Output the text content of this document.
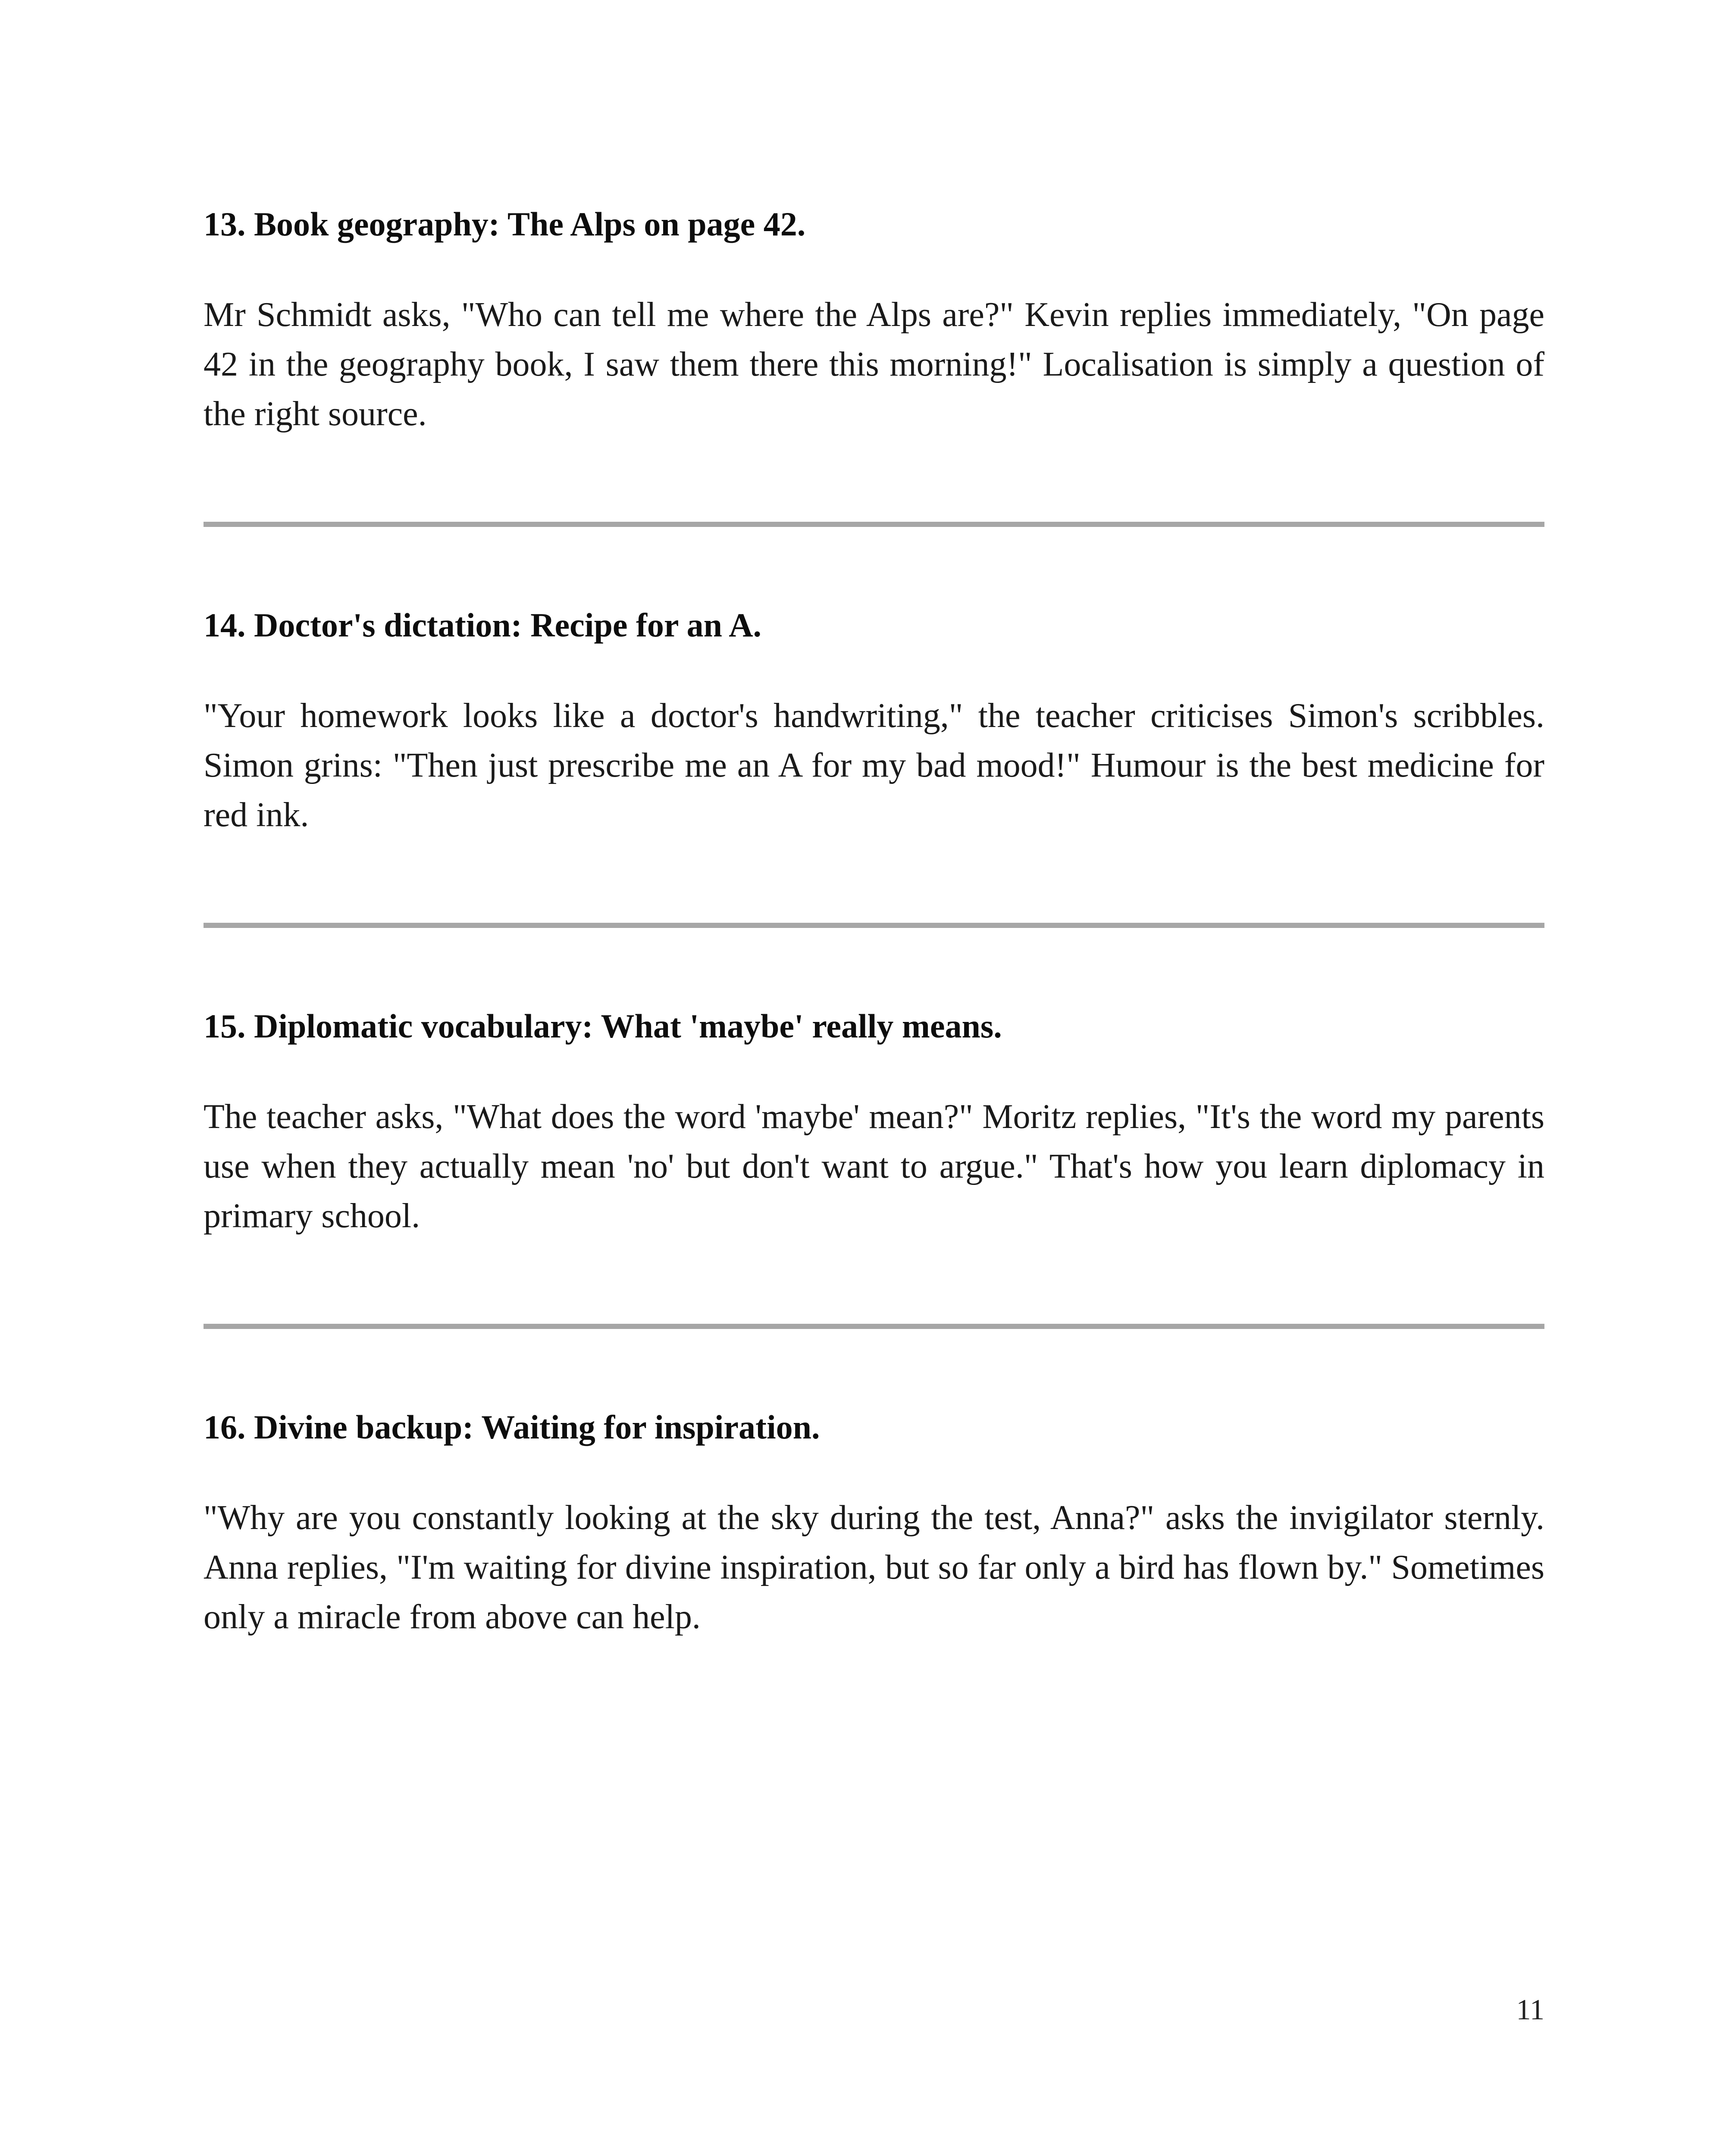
13. Book geography: The Alps on page 42.

Mr Schmidt asks, "Who can tell me where the Alps are?" Kevin replies immediately, "On page 42 in the geography book, I saw them there this morning!" Localisation is simply a question of the right source.

14. Doctor's dictation: Recipe for an A.

"Your homework looks like a doctor's handwriting," the teacher criticises Simon's scribbles. Simon grins: "Then just prescribe me an A for my bad mood!" Humour is the best medicine for red ink.

15. Diplomatic vocabulary: What 'maybe' really means.

The teacher asks, "What does the word 'maybe' mean?" Moritz replies, "It's the word my parents use when they actually mean 'no' but don't want to argue." That's how you learn diplomacy in primary school.

16. Divine backup: Waiting for inspiration.

"Why are you constantly looking at the sky during the test, Anna?" asks the invigilator sternly. Anna replies, "I'm waiting for divine inspiration, but so far only a bird has flown by." Sometimes only a miracle from above can help.

11
